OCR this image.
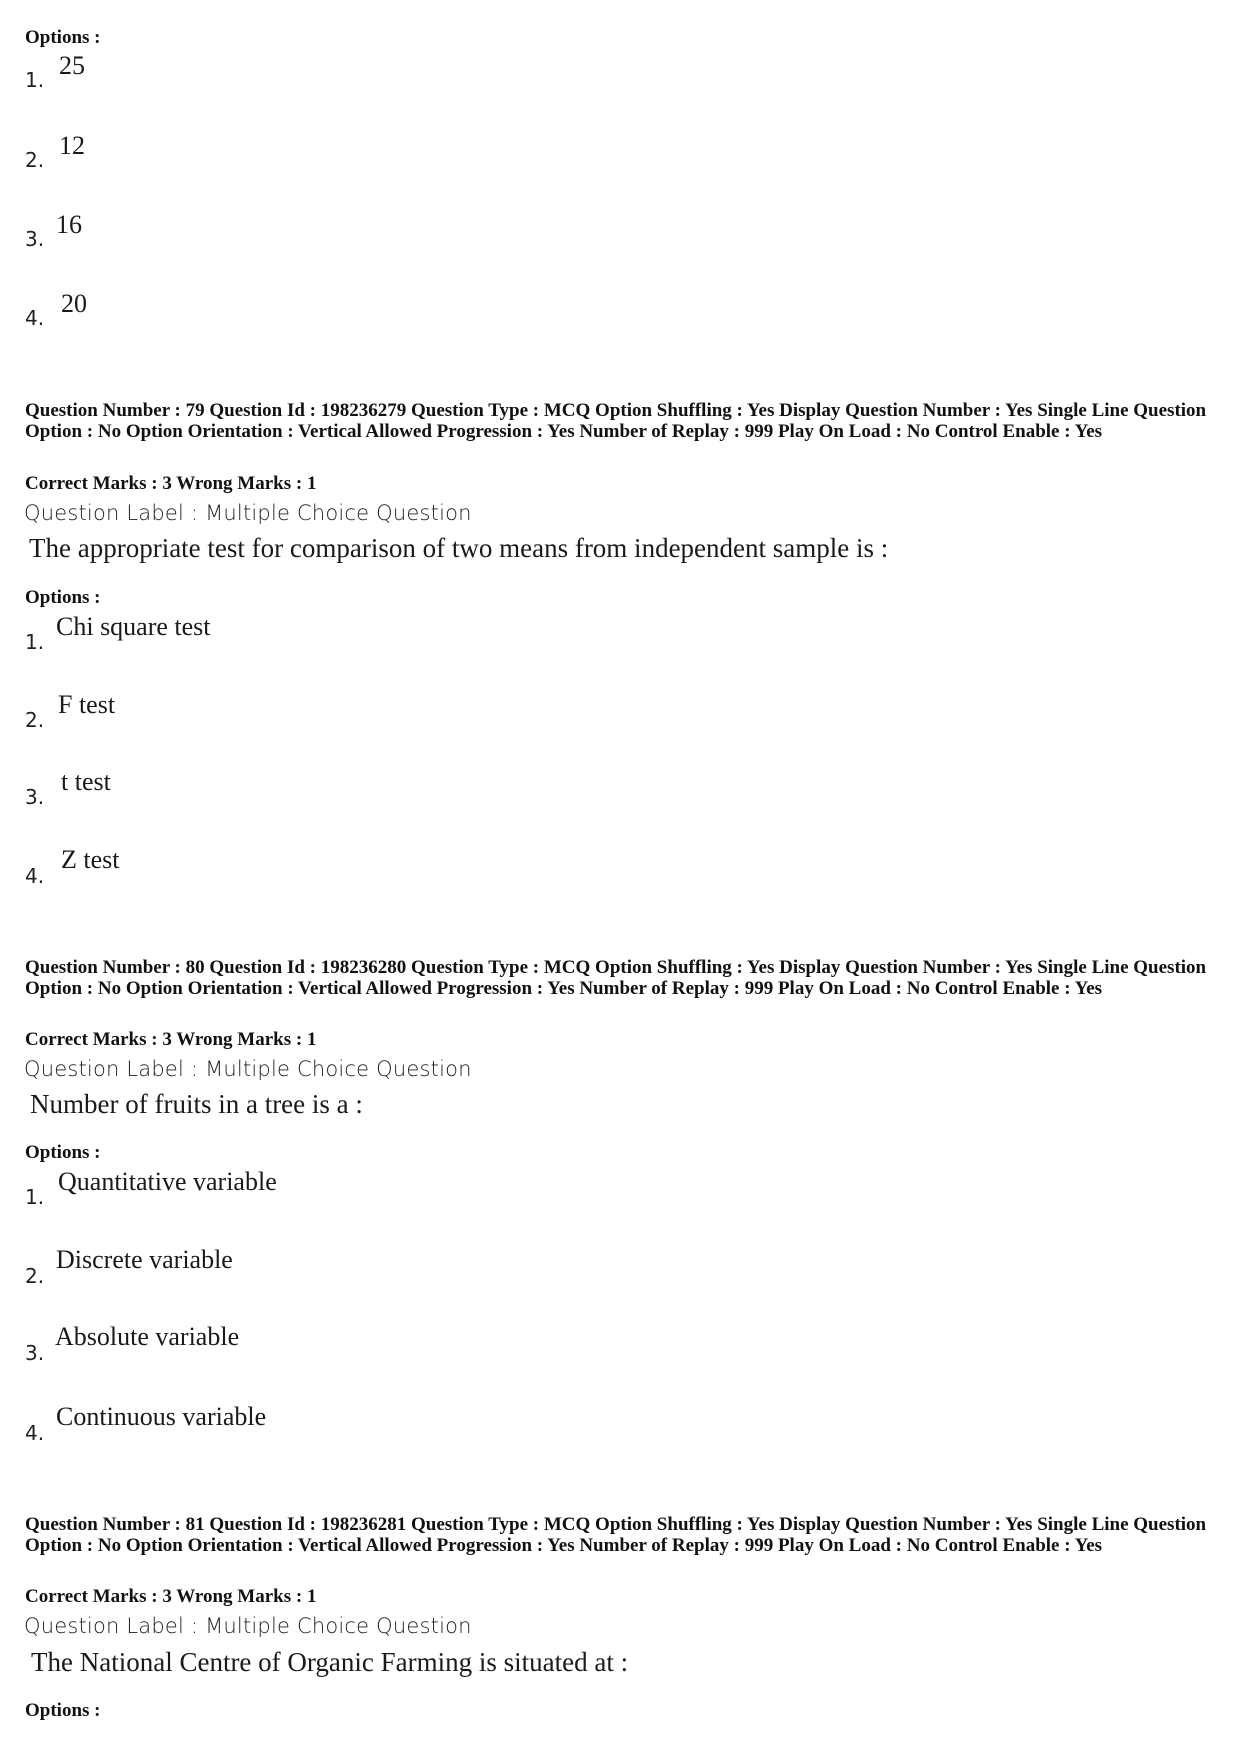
Options :
1. 25
2. 12
3. 16
4. 20
Question Number : 79 Question Id : 198236279 Question Type : MCQ Option Shuffling : Yes Display Question Number : Yes Single Line Question Option : No Option Orientation : Vertical Allowed Progression : Yes Number of Replay : 999 Play On Load : No Control Enable : Yes
Correct Marks : 3 Wrong Marks : 1
Question Label : Multiple Choice Question
The appropriate test for comparison of two means from independent sample is :
Options :
1.
Chi square test
2.
F test
3.
t test
4.
Z test
Question Number : 80 Question Id : 198236280 Question Type : MCQ Option Shuffling : Yes Display Question Number : Yes Single Line Question Option : No Option Orientation : Vertical Allowed Progression : Yes Number of Replay : 999 Play On Load : No Control Enable : Yes
Correct Marks : 3 Wrong Marks : 1
Question Label : Multiple Choice Question
Number of fruits in a tree is a :
Options :
1.
Quantitative variable
2.
Discrete variable
3.
Absolute variable
4.
Continuous variable
Question Number : 81 Question Id : 198236281 Question Type : MCQ Option Shuffling : Yes Display Question Number : Yes Single Line Question Option : No Option Orientation : Vertical Allowed Progression : Yes Number of Replay : 999 Play On Load : No Control Enable : Yes
Correct Marks : 3 Wrong Marks : 1
Question Label : Multiple Choice Question
The National Centre of Organic Farming is situated at :
Options :
